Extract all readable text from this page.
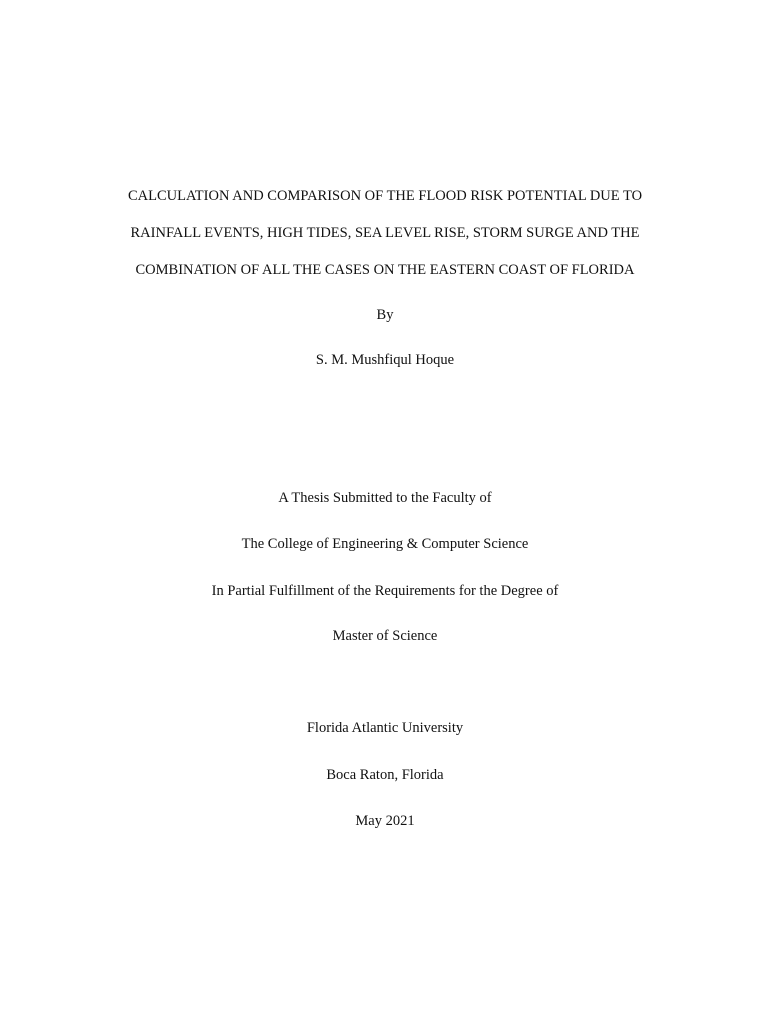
CALCULATION AND COMPARISON OF THE FLOOD RISK POTENTIAL DUE TO
RAINFALL EVENTS, HIGH TIDES, SEA LEVEL RISE, STORM SURGE AND THE
COMBINATION OF ALL THE CASES ON THE EASTERN COAST OF FLORIDA
By
S. M. Mushfiqul Hoque
A Thesis Submitted to the Faculty of
The College of Engineering & Computer Science
In Partial Fulfillment of the Requirements for the Degree of
Master of Science
Florida Atlantic University
Boca Raton, Florida
May 2021
